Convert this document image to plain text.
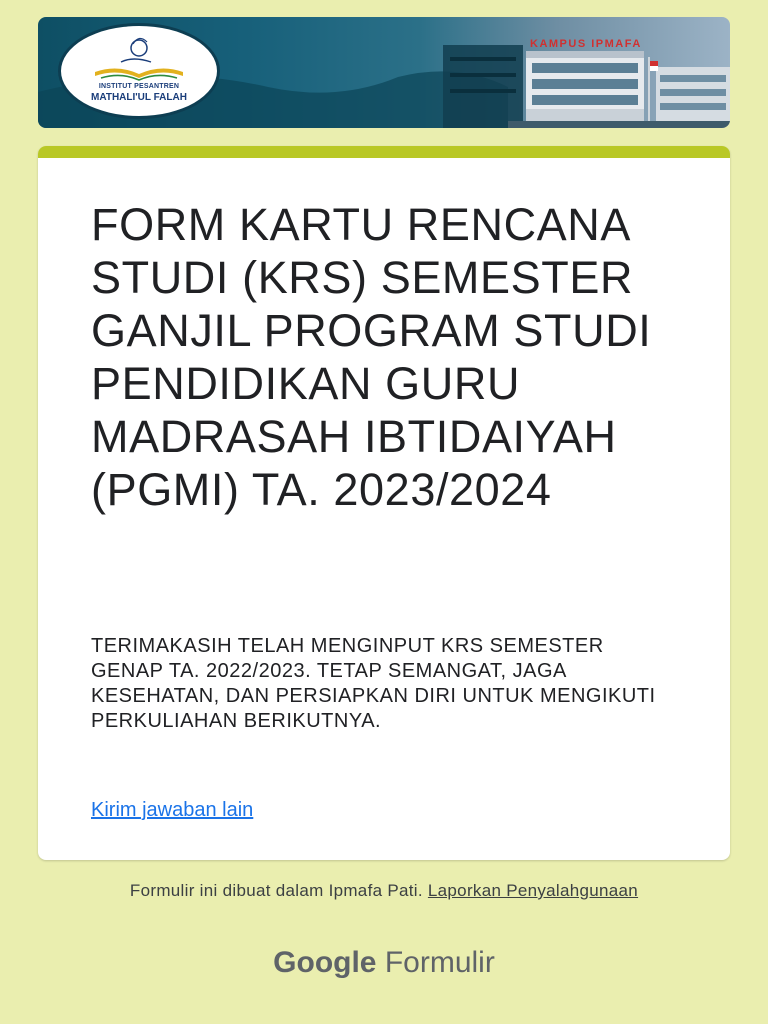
INSTITUT PESANTREN
MATHALI'UL FALAH
KAMPUS IPMAFA
FORM KARTU RENCANA STUDI (KRS) SEMESTER GANJIL PROGRAM STUDI PENDIDIKAN GURU MADRASAH IBTIDAIYAH (PGMI) TA. 2023/2024

TERIMAKASIH TELAH MENGINPUT KRS SEMESTER GENAP TA. 2022/2023. TETAP SEMANGAT, JAGA KESEHATAN, DAN PERSIAPKAN DIRI UNTUK MENGIKUTI PERKULIAHAN BERIKUTNYA.

Kirim jawaban lain
Formulir ini dibuat dalam Ipmafa Pati. Laporkan Penyalahgunaan
Google Formulir
